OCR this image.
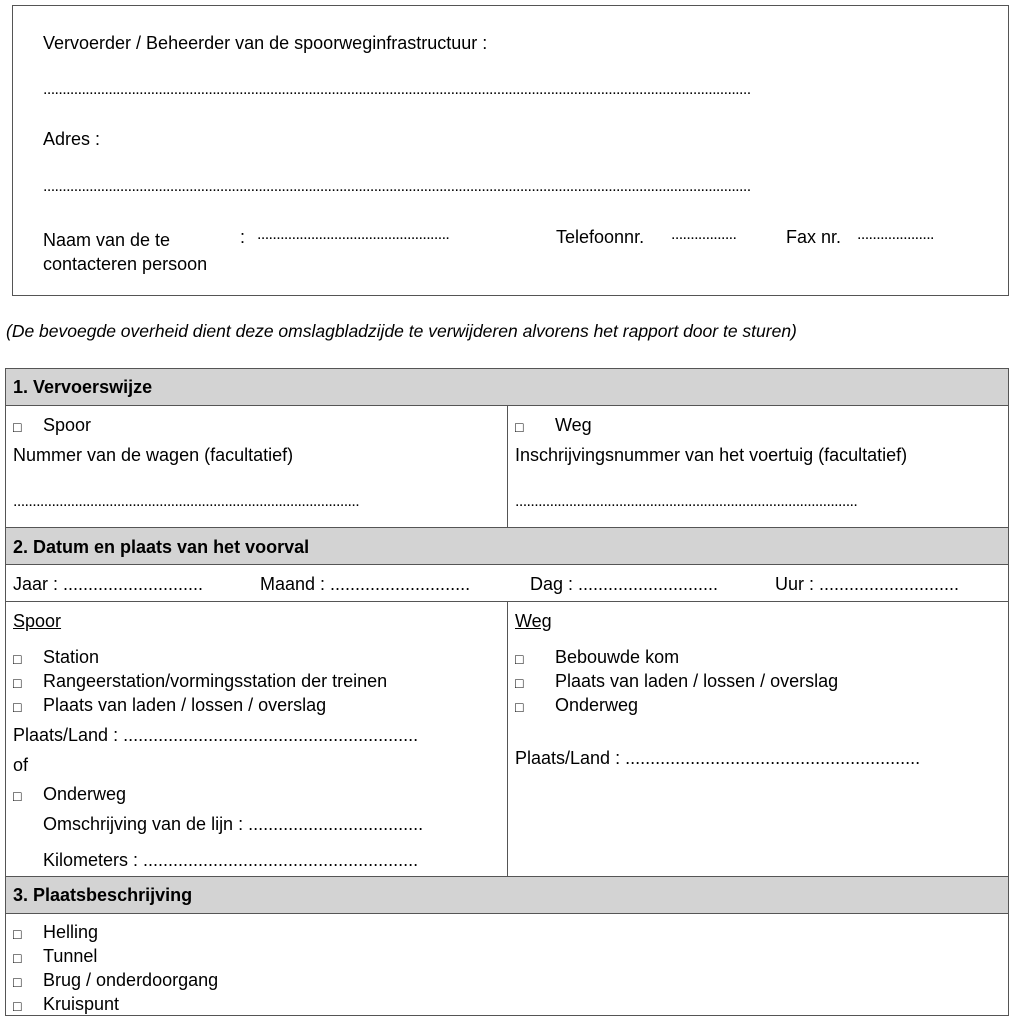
Vervoerder / Beheerder van de spoorweginfrastructuur :
........................................................................................................................................................................................
Adres :
........................................................................................................................................................................................
Naam van de te
contacteren persoon
: ..................................................	Telefoonnr. .................	Fax nr. ....................
(De bevoegde overheid dient deze omslagbladzijde te verwijderen alvorens het rapport door te sturen)
1. Vervoerswijze
□ Spoor
Nummer van de wagen (facultatief)
..........................................................................................
□ Weg
Inschrijvingsnummer van het voertuig (facultatief)
.........................................................................................
2. Datum en plaats van het voorval
Jaar : ............................	Maand : ............................	Dag : ............................	Uur : ............................
Spoor
□ Station
□ Rangeerstation/vormingsstation der treinen
□ Plaats van laden / lossen / overslag
Plaats/Land : ...........................................................
of
□ Onderweg
Omschrijving van de lijn : ...................................
Kilometers : .......................................................
Weg
□ Bebouwde kom
□ Plaats van laden / lossen / overslag
□ Onderweg
Plaats/Land : ...........................................................
3. Plaatsbeschrijving
□ Helling
□ Tunnel
□ Brug / onderdoorgang
□ Kruispunt
